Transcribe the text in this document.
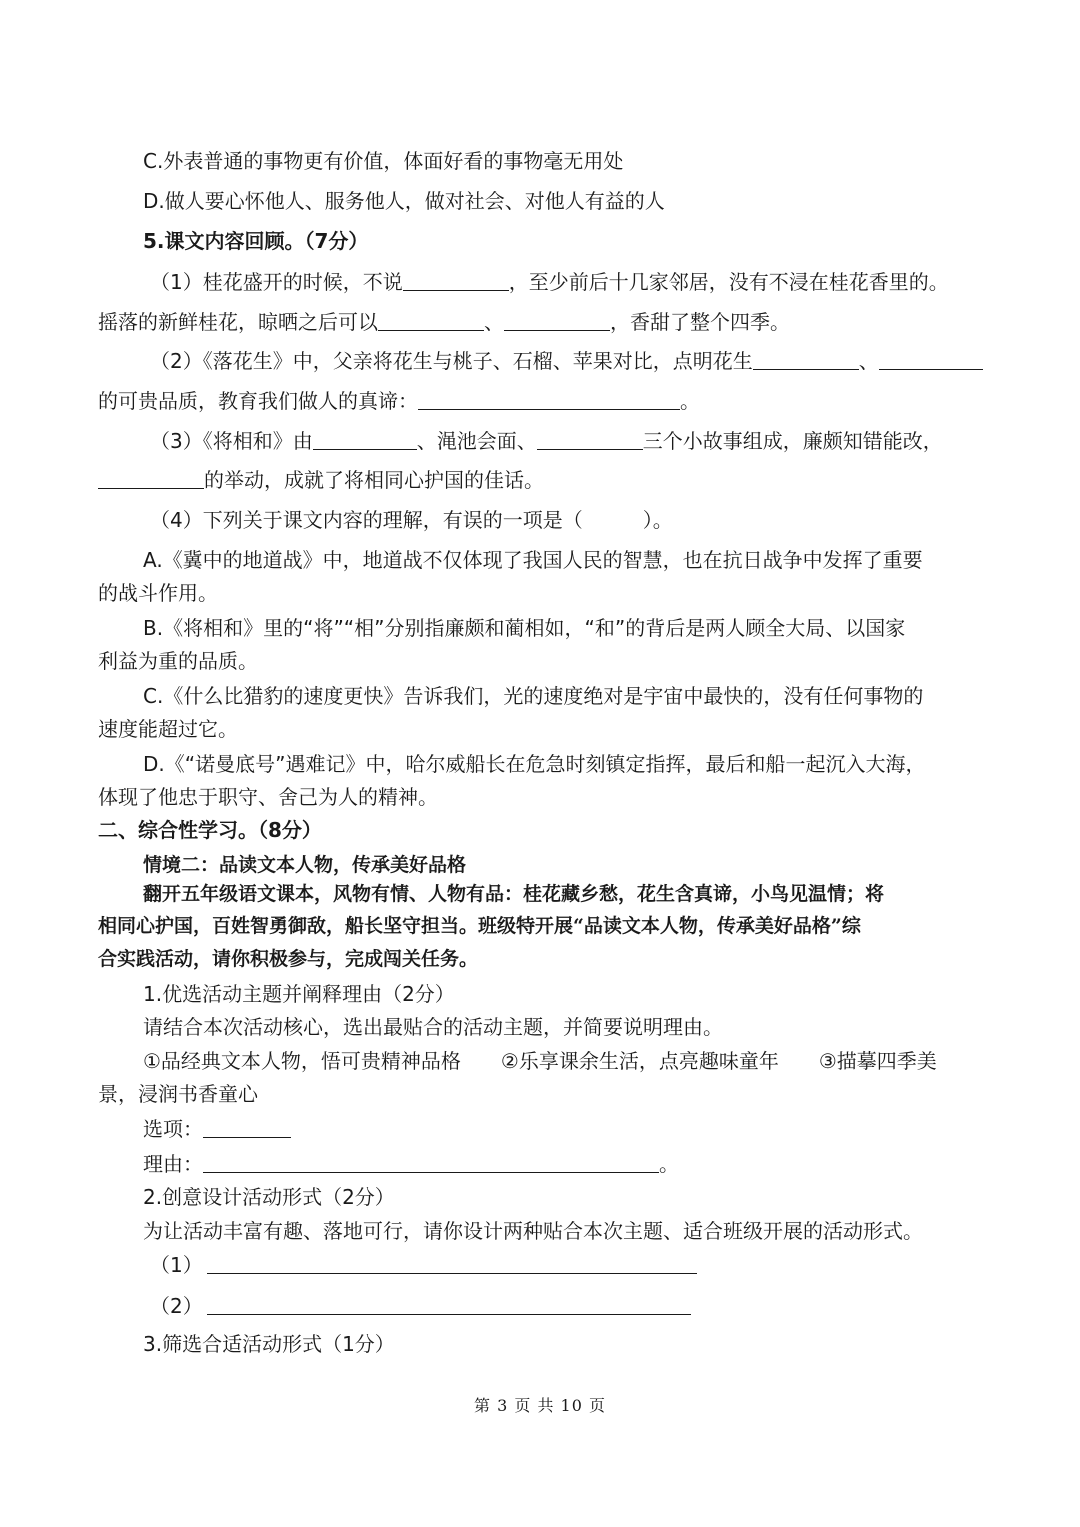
C.外表普通的事物更有价值，体面好看的事物毫无用处
D.做人要心怀他人、服务他人，做对社会、对他人有益的人
5.课文内容回顾。（7分）
（1）桂花盛开的时候，不说	，至少前后十几家邻居，没有不浸在桂花香里的。
摇落的新鲜桂花，晾晒之后可以	、	，香甜了整个四季。
（2）《落花生》中，父亲将花生与桃子、石榴、苹果对比，点明花生	、
的可贵品质，教育我们做人的真谛：	。
（3）《将相和》由	、渑池会面、	三个小故事组成，廉颇知错能改，
的举动，成就了将相同心护国的佳话。
（4）下列关于课文内容的理解，有误的一项是（　　　）。
A.《冀中的地道战》中，地道战不仅体现了我国人民的智慧，也在抗日战争中发挥了重要
的战斗作用。
B.《将相和》里的“将”“相”分别指廉颇和蔺相如，“和”的背后是两人顾全大局、以国家
利益为重的品质。
C.《什么比猎豹的速度更快》告诉我们，光的速度绝对是宇宙中最快的，没有任何事物的
速度能超过它。
D.《“诺曼底号”遇难记》中，哈尔威船长在危急时刻镇定指挥，最后和船一起沉入大海，
体现了他忠于职守、舍己为人的精神。
二、综合性学习。（8分）
情境二：品读文本人物，传承美好品格
翻开五年级语文课本，风物有情、人物有品：桂花藏乡愁，花生含真谛，小鸟见温情；将
相同心护国，百姓智勇御敌，船长坚守担当。班级特开展“品读文本人物，传承美好品格”综
合实践活动，请你积极参与，完成闯关任务。
1.优选活动主题并阐释理由（2分）
请结合本次活动核心，选出最贴合的活动主题，并简要说明理由。
①品经典文本人物，悟可贵精神品格　　②乐享课余生活，点亮趣味童年　　③描摹四季美
景，浸润书香童心
选项：
理由：	。
2.创意设计活动形式（2分）
为让活动丰富有趣、落地可行，请你设计两种贴合本次主题、适合班级开展的活动形式。
（1）
（2）
3.筛选合适活动形式（1分）
第 3 页 共 10 页
